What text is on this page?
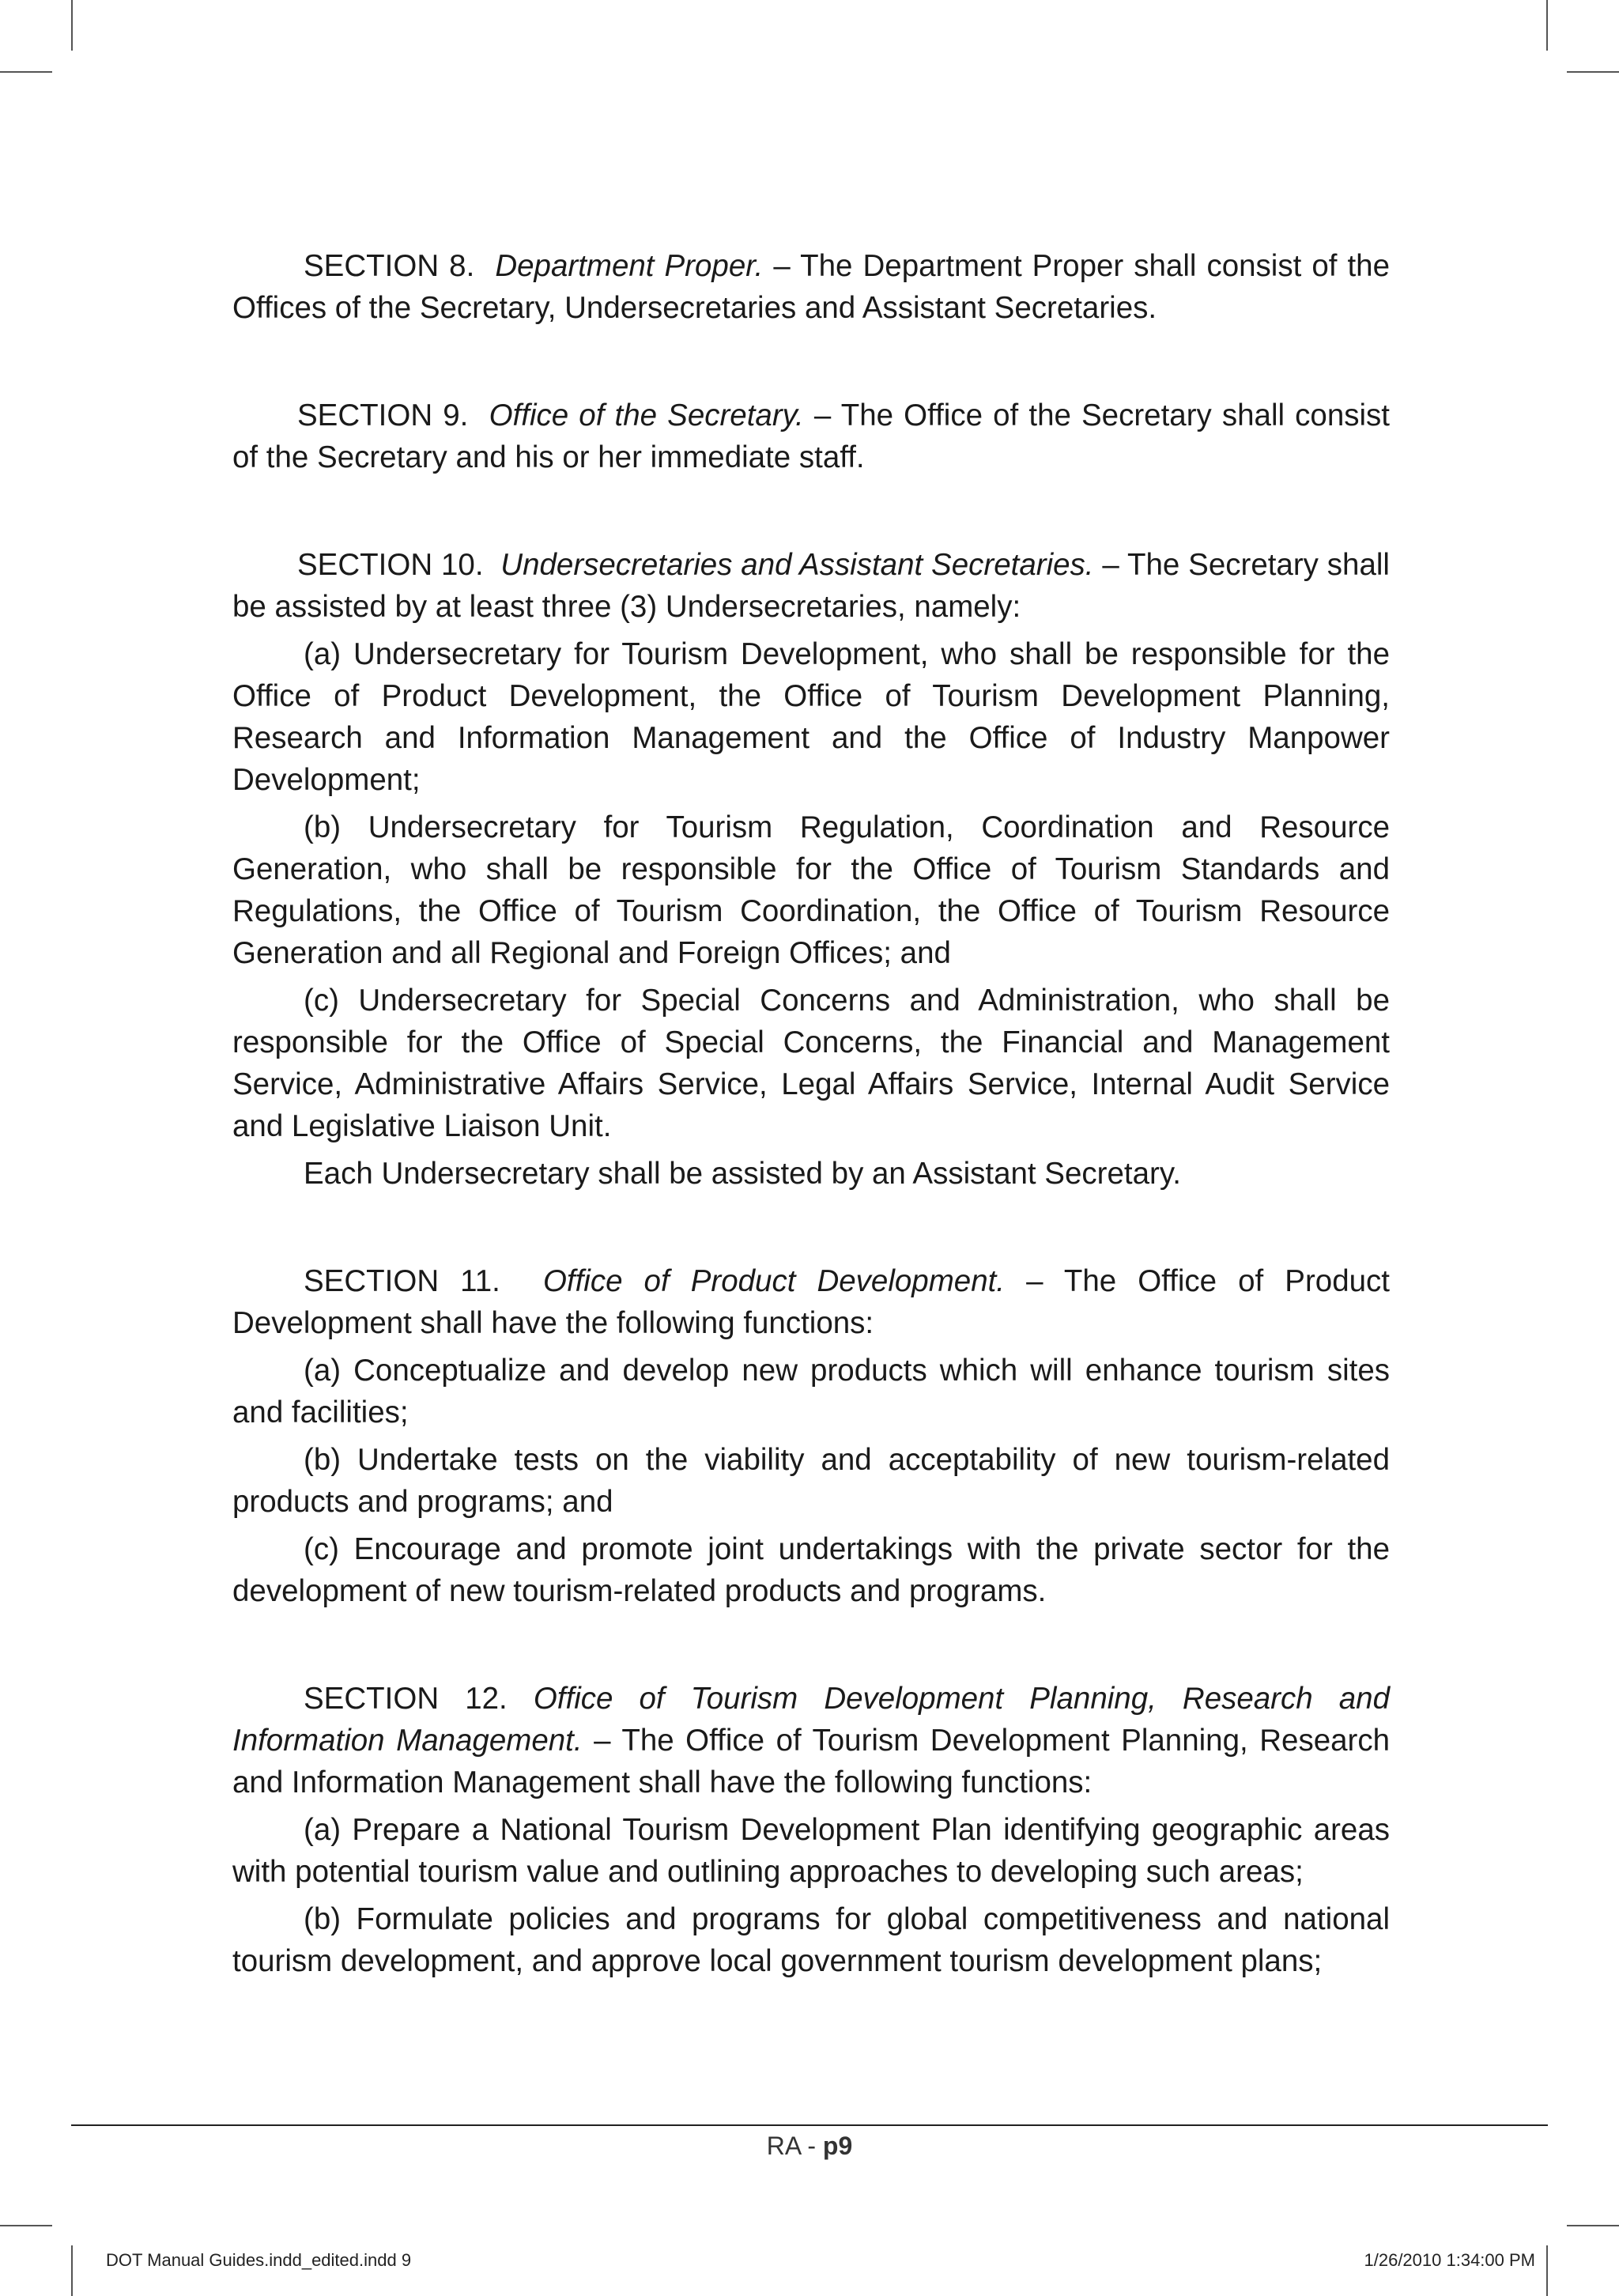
SECTION 8. Department Proper. – The Department Proper shall consist of the Offices of the Secretary, Undersecretaries and Assistant Secretaries.

SECTION 9. Office of the Secretary. – The Office of the Secretary shall consist of the Secretary and his or her immediate staff.

SECTION 10. Undersecretaries and Assistant Secretaries. – The Secretary shall be assisted by at least three (3) Undersecretaries, namely:

(a) Undersecretary for Tourism Development, who shall be responsible for the Office of Product Development, the Office of Tourism Development Planning, Research and Information Management and the Office of Industry Manpower Development;

(b) Undersecretary for Tourism Regulation, Coordination and Resource Generation, who shall be responsible for the Office of Tourism Standards and Regulations, the Office of Tourism Coordination, the Office of Tourism Resource Generation and all Regional and Foreign Offices; and

(c) Undersecretary for Special Concerns and Administration, who shall be responsible for the Office of Special Concerns, the Financial and Management Service, Administrative Affairs Service, Legal Affairs Service, Internal Audit Service and Legislative Liaison Unit.

Each Undersecretary shall be assisted by an Assistant Secretary.

SECTION 11. Office of Product Development. – The Office of Product Development shall have the following functions:

(a) Conceptualize and develop new products which will enhance tourism sites and facilities;

(b) Undertake tests on the viability and acceptability of new tourism-related products and programs; and

(c) Encourage and promote joint undertakings with the private sector for the development of new tourism-related products and programs.

SECTION 12. Office of Tourism Development Planning, Research and Information Management. – The Office of Tourism Development Planning, Research and Information Management shall have the following functions:

(a) Prepare a National Tourism Development Plan identifying geographic areas with potential tourism value and outlining approaches to developing such areas;

(b) Formulate policies and programs for global competitiveness and national tourism development, and approve local government tourism development plans;

RA - p9
DOT Manual Guides.indd_edited.indd 9	1/26/2010 1:34:00 PM
